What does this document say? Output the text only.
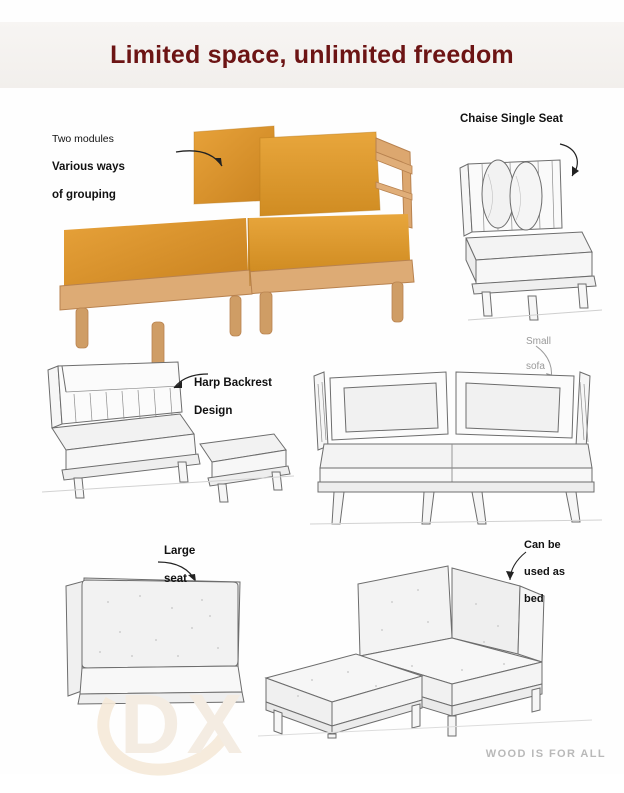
Limited space, unlimited freedom

Two modules

Various ways

of grouping

Chaise Single Seat

Harp Backrest

Design

Small

sofa

Large

seat

Can be

used as

bed

DX	WOOD IS FOR ALL
